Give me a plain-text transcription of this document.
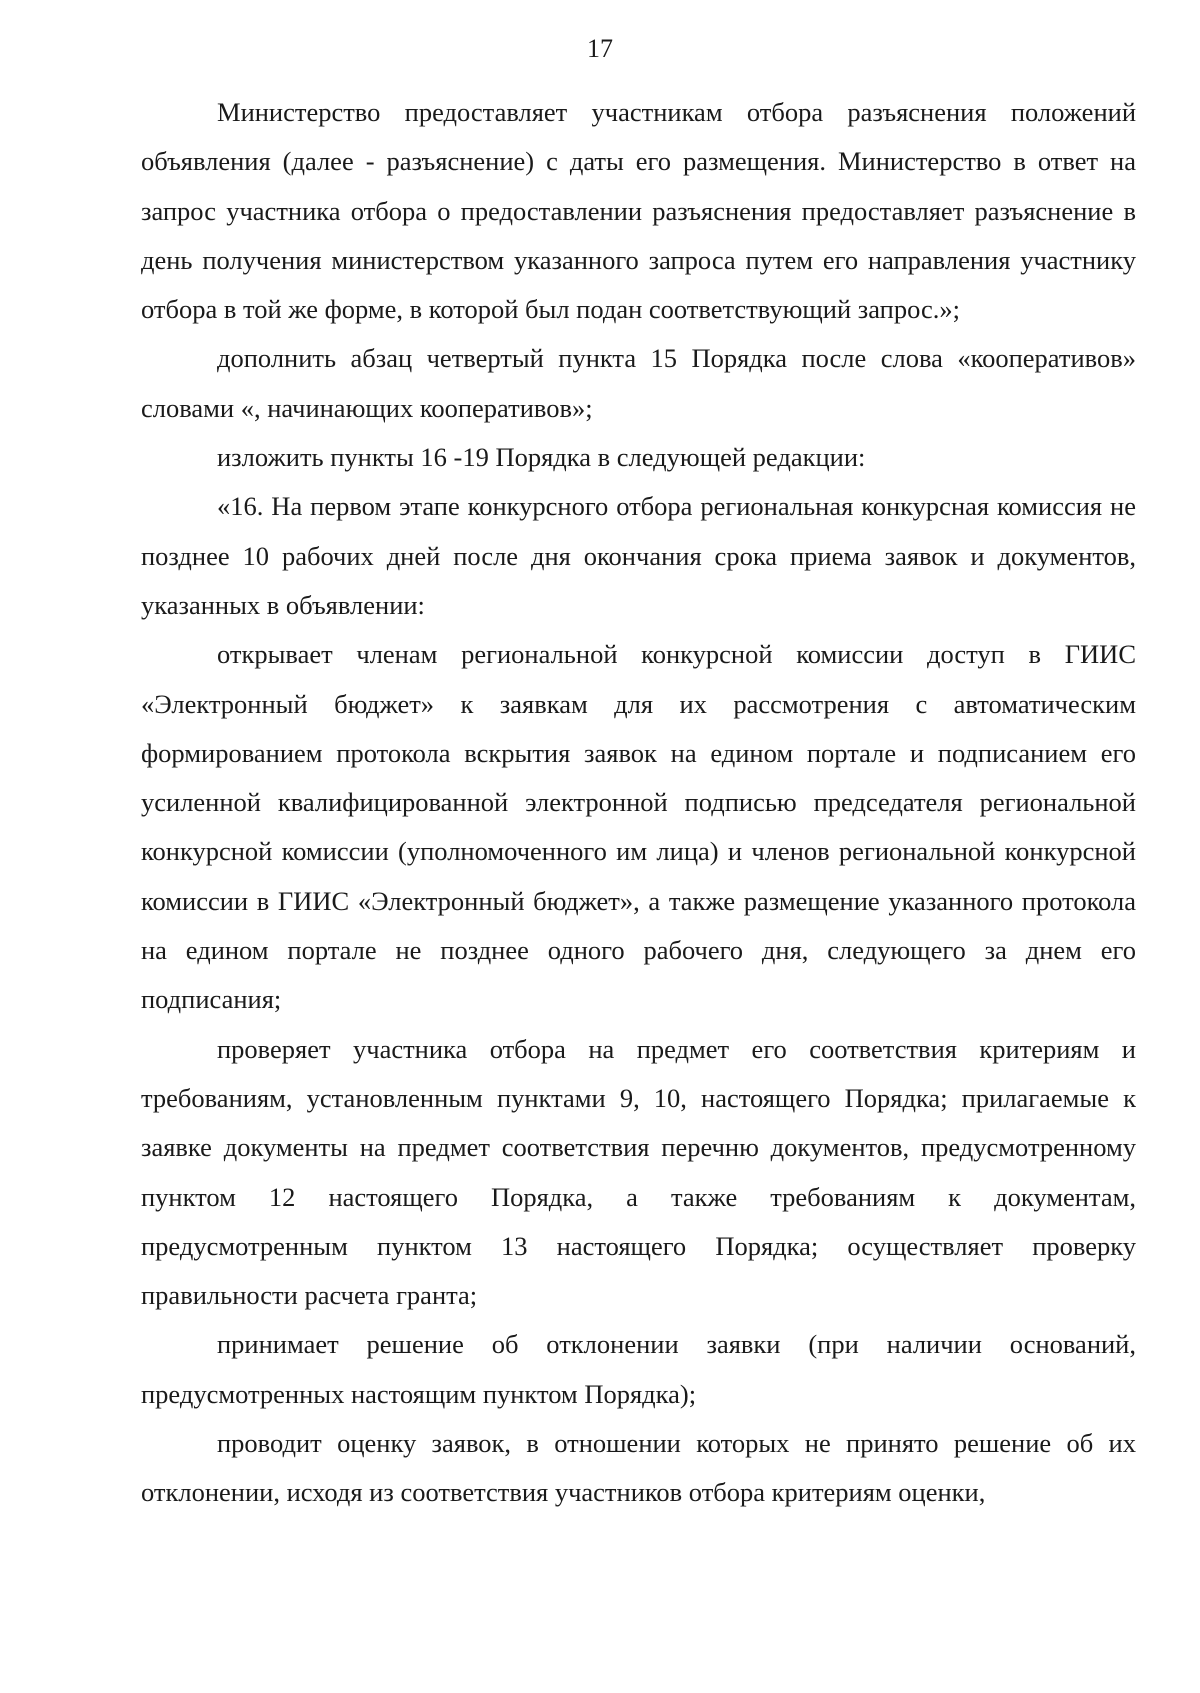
17

Министерство предоставляет участникам отбора разъяснения положений объявления (далее - разъяснение) с даты его размещения. Министерство в ответ на запрос участника отбора о предоставлении разъяснения предоставляет разъяснение в день получения министерством указанного запроса путем его направления участнику отбора в той же форме, в которой был подан соответствующий запрос.»;

дополнить абзац четвертый пункта 15 Порядка после слова «кооперативов» словами «, начинающих кооперативов»;

изложить пункты 16 -19 Порядка в следующей редакции:

«16. На первом этапе конкурсного отбора региональная конкурсная комиссия не позднее 10 рабочих дней после дня окончания срока приема заявок и документов, указанных в объявлении:

открывает членам региональной конкурсной комиссии доступ в ГИИС «Электронный бюджет» к заявкам для их рассмотрения с автоматическим формированием протокола вскрытия заявок на едином портале и подписанием его усиленной квалифицированной электронной подписью председателя региональной конкурсной комиссии (уполномоченного им лица) и членов региональной конкурсной комиссии в ГИИС «Электронный бюджет», а также размещение указанного протокола на едином портале не позднее одного рабочего дня, следующего за днем его подписания;

проверяет участника отбора на предмет его соответствия критериям и требованиям, установленным пунктами 9, 10, настоящего Порядка; прилагаемые к заявке документы на предмет соответствия перечню документов, предусмотренному пунктом 12 настоящего Порядка, а также требованиям к документам, предусмотренным пунктом 13 настоящего Порядка; осуществляет проверку правильности расчета гранта;

принимает решение об отклонении заявки (при наличии оснований, предусмотренных настоящим пунктом Порядка);

проводит оценку заявок, в отношении которых не принято решение об их отклонении, исходя из соответствия участников отбора критериям оценки,
